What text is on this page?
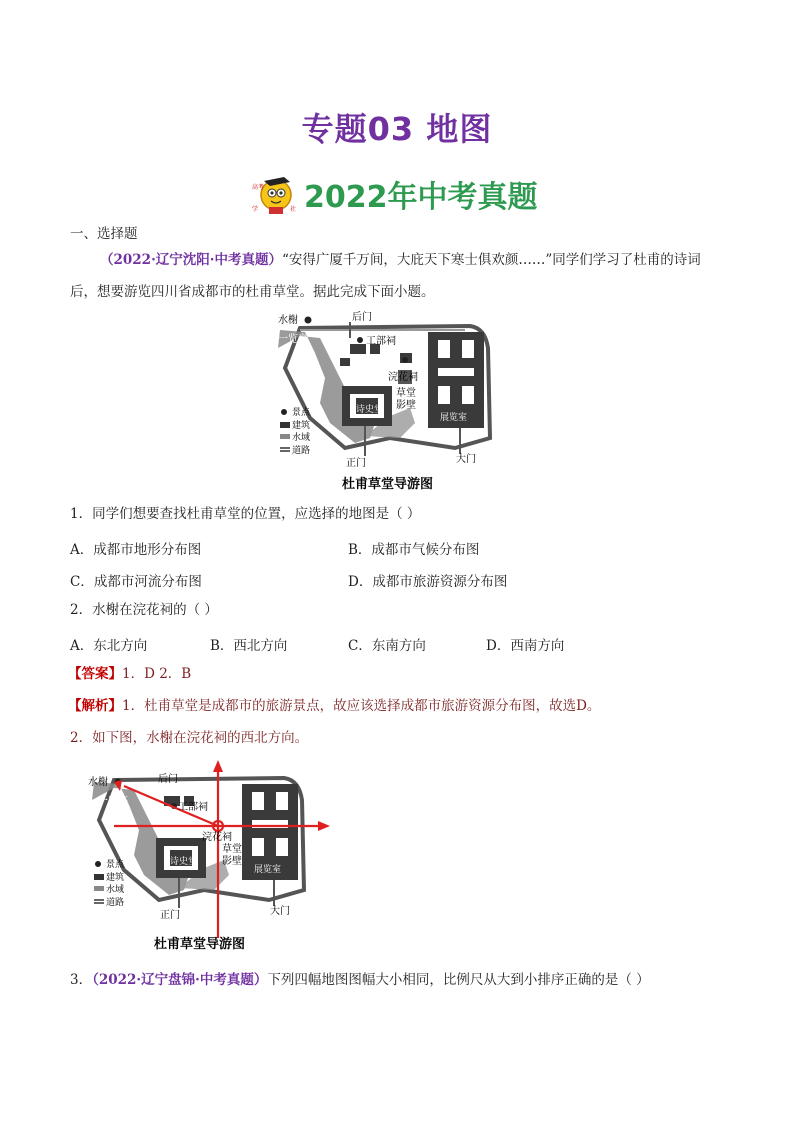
专题03 地图
高考
学	社 2022年中考真题
一、选择题
（2022·辽宁沈阳·中考真题）“安得广厦千万间，大庇天下寒士俱欢颜……”同学们学习了杜甫的诗词
后，想要游览四川省成都市的杜甫草堂。据此完成下面小题。
水榭	后门
一览亭	工部祠
浣花祠
诗史堂
草堂
影壁
展览室
正门	大门
景点
建筑
水域
道路
杜甫草堂导游图
1．同学们想要查找杜甫草堂的位置，应选择的地图是（ ）
A．成都市地形分布图	B．成都市气候分布图
C．成都市河流分布图	D．成都市旅游资源分布图
2．水榭在浣花祠的（ ）
A．东北方向	B．西北方向	C．东南方向	D．西南方向
【答案】1．D 2．B
【解析】1．杜甫草堂是成都市的旅游景点，故应该选择成都市旅游资源分布图，故选D。
2．如下图，水榭在浣花祠的西北方向。
水榭	后门
一览亭
工部祠
浣花祠
诗史堂
草堂
影壁
展览室
正门	大门
景点
建筑
水域
道路
杜甫草堂导游图
3．（2022·辽宁盘锦·中考真题）下列四幅地图图幅大小相同，比例尺从大到小排序正确的是（ ）
